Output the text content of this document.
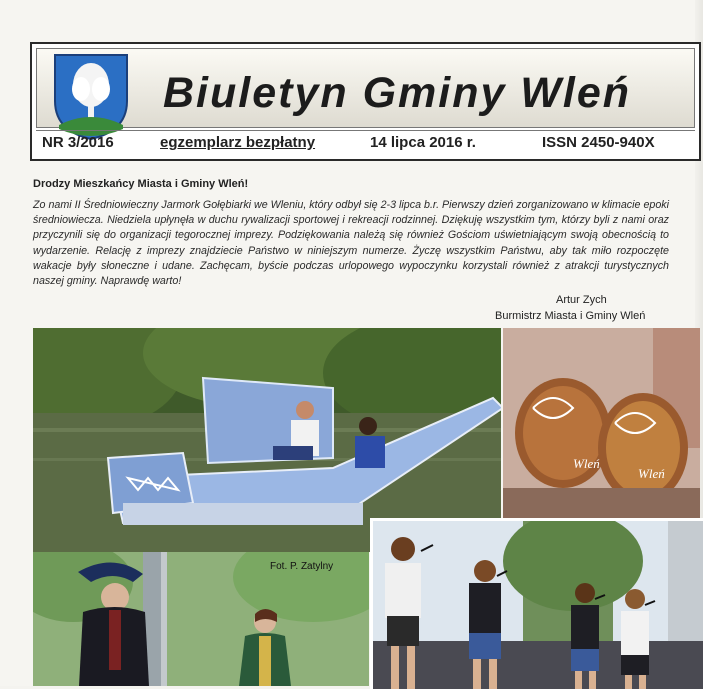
Biuletyn Gminy Wleń
NR 3/2016	egzemplarz bezpłatny	14 lipca 2016 r.	ISSN 2450-940X
Drodzy Mieszkańcy Miasta i Gminy Wleń!
Zo nami II Średniowieczny Jarmork Gołębiarki we Wleniu, który odbył się 2-3 lipca b.r. Pierwszy dzień zorganizowano w klimacie epoki średniowiecza. Niedziela upłynęła w duchu rywalizacji sportowej i rekreacji rodzinnej. Dziękuję wszystkim tym, którzy byli z nami oraz przyczynili się do organizacji tegorocznej imprezy. Podziękowania należą się również Gościom uświetniającym swoją obecnością to wydarzenie. Relację z imprezy znajdziecie Państwo w niniejszym numerze. Życzę wszystkim Państwu, aby tak miło rozpoczęte wakacje były słoneczne i udane. Zachęcam, byście podczas urlopowego wypoczynku korzystali również z atrakcji turystycznych naszej gminy. Naprawdę warto!
Artur Zych
Burmistrz Miasta i Gminy Wleń
Wleń
Wleń
Fot. P. Zatylny
